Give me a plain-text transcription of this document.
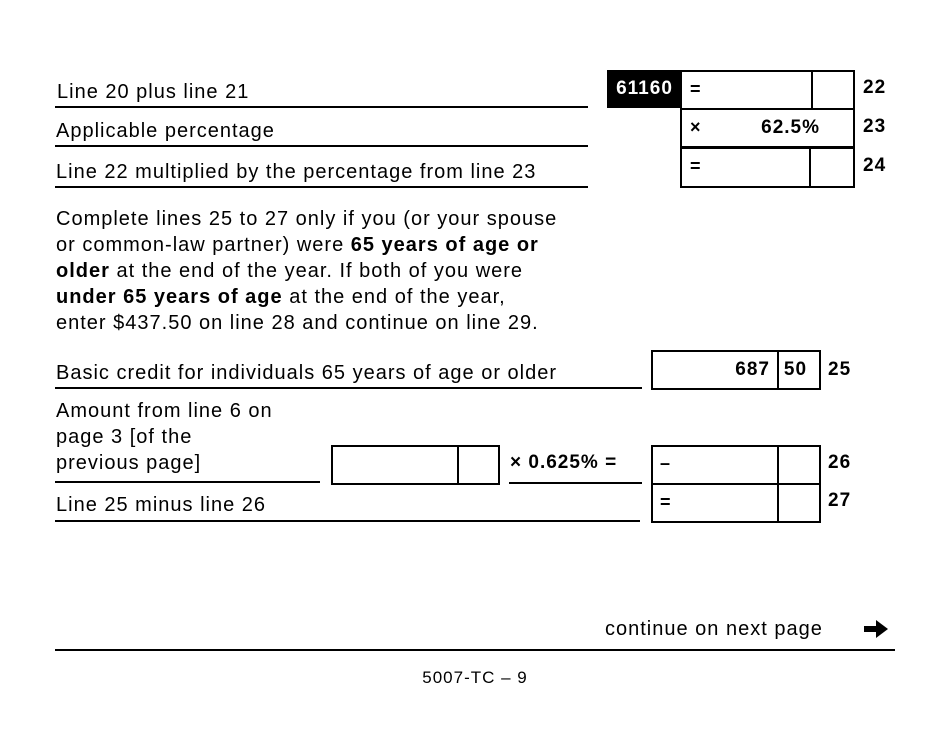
Line 20 plus line 21	61160 =	22
Applicable percentage	×	62.5% 23
Line 22 multiplied by the percentage from line 23	=	24
Complete lines 25 to 27 only if you (or your spouse
or common-law partner) were 65 years of age or
older at the end of the year. If both of you were
under 65 years of age at the end of the year,
enter $437.50 on line 28 and continue on line 29.
Basic credit for individuals 65 years of age or older	687 50	25
Amount from line 6 on
page 3 [of the
previous page]	× 0.625% = –	26
Line 25 minus line 26	=	27
continue on next page
5007-TC – 9
